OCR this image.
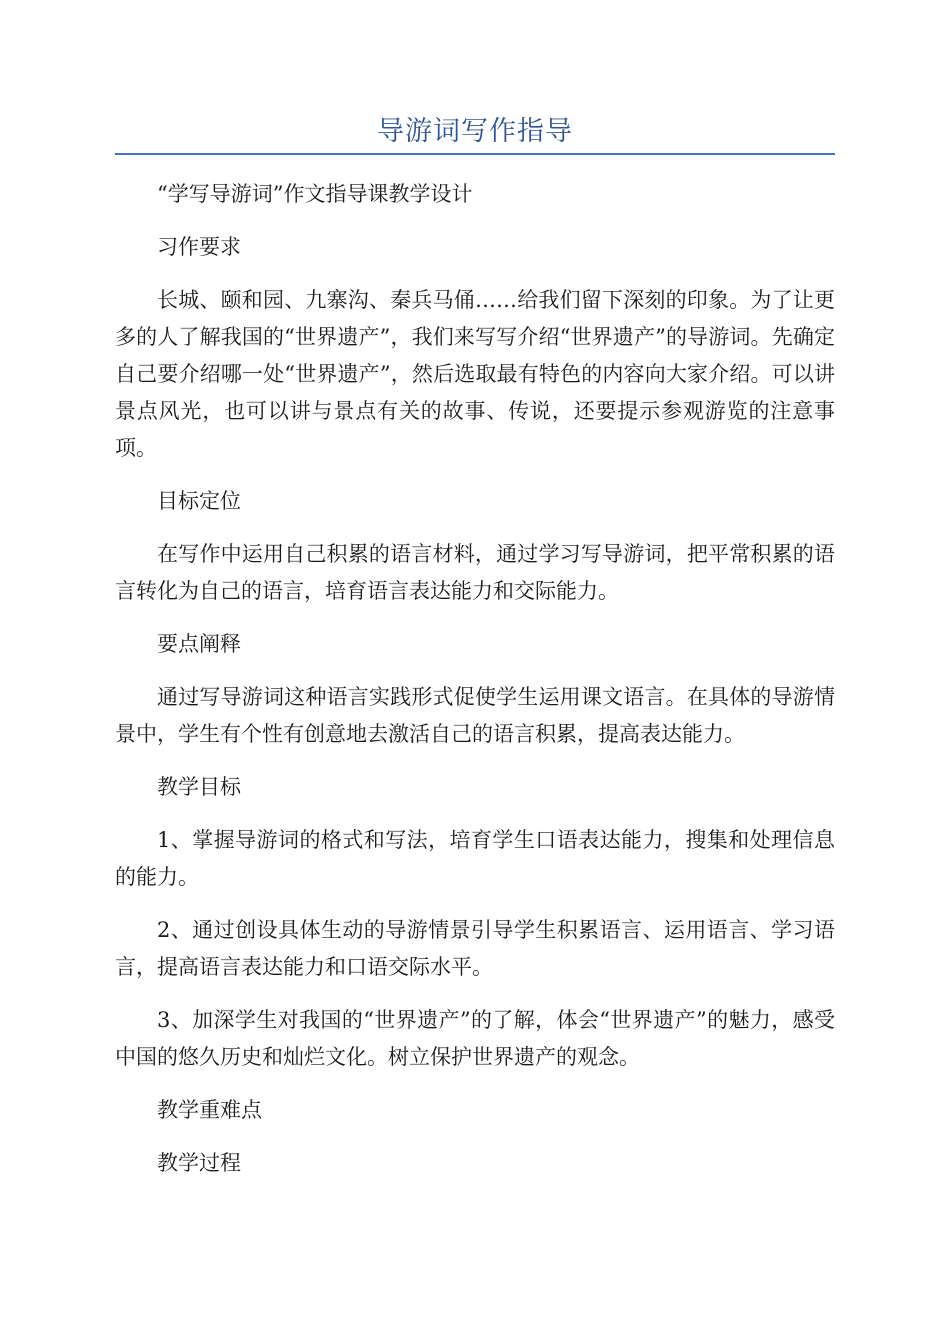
导游词写作指导

“学写导游词”作文指导课教学设计

习作要求

长城、颐和园、九寨沟、秦兵马俑……给我们留下深刻的印象。为了让更多的人了解我国的“世界遗产”，我们来写写介绍“世界遗产”的导游词。先确定自己要介绍哪一处“世界遗产”，然后选取最有特色的内容向大家介绍。可以讲景点风光，也可以讲与景点有关的故事、传说，还要提示参观游览的注意事项。

目标定位

在写作中运用自己积累的语言材料，通过学习写导游词，把平常积累的语言转化为自己的语言，培育语言表达能力和交际能力。

要点阐释

通过写导游词这种语言实践形式促使学生运用课文语言。在具体的导游情景中，学生有个性有创意地去激活自己的语言积累，提高表达能力。

教学目标

1、掌握导游词的格式和写法，培育学生口语表达能力，搜集和处理信息的能力。

2、通过创设具体生动的导游情景引导学生积累语言、运用语言、学习语言，提高语言表达能力和口语交际水平。

3、加深学生对我国的“世界遗产”的了解，体会“世界遗产”的魅力，感受中国的悠久历史和灿烂文化。树立保护世界遗产的观念。

教学重难点

教学过程
